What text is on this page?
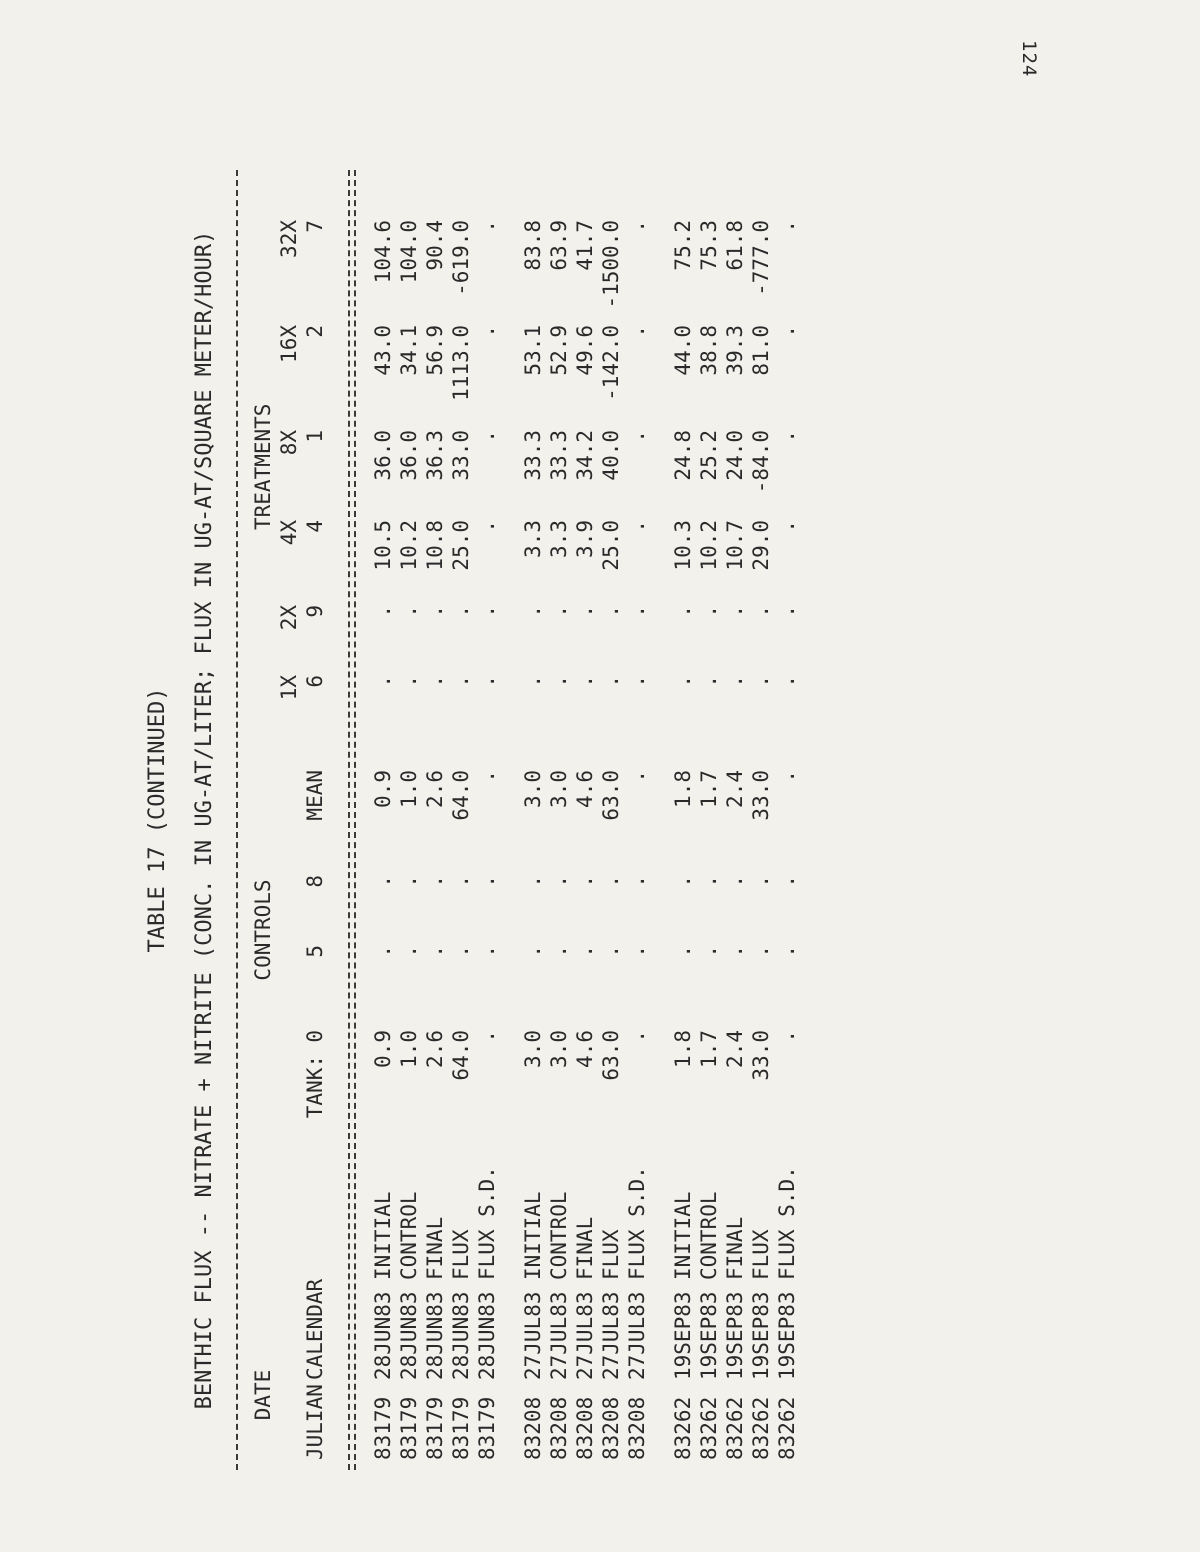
124
TABLE 17 (CONTINUED) BENTHIC FLUX -- NITRATE + NITRITE (CONC. IN UG-AT/LITER; FLUX IN UG-AT/SQUARE METER/HOUR) DATE
CONTROLS
TREATMENTS
1X
2X
4X
8X
16X
32X
JULIAN
CALENDAR
TANK:
0
5
8
MEAN
6
9
4
1
2
7
83179
28JUN83
INITIAL
0.9
.
.
0.9
.
.
10.5
36.0
43.0
104.6
83179
28JUN83
CONTROL
1.0
.
.
1.0
.
.
10.2
36.0
34.1
104.0
83179
28JUN83
FINAL
2.6
.
.
2.6
.
.
10.8
36.3
56.9
90.4
83179
28JUN83
FLUX
64.0
.
.
64.0
.
.
25.0
33.0
1113.0
-619.0
83179
28JUN83
FLUX S.D.
.
.
.
.
.
.
.
.
.
.
83208
27JUL83
INITIAL
3.0
.
.
3.0
.
.
3.3
33.3
53.1
83.8
83208
27JUL83
CONTROL
3.0
.
.
3.0
.
.
3.3
33.3
52.9
63.9
83208
27JUL83
FINAL
4.6
.
.
4.6
.
.
3.9
34.2
49.6
41.7
83208
27JUL83
FLUX
63.0
.
.
63.0
.
.
25.0
40.0
-142.0
-1500.0
83208
27JUL83
FLUX S.D.
.
.
.
.
.
.
.
.
.
.
83262
19SEP83
INITIAL
1.8
.
.
1.8
.
.
10.3
24.8
44.0
75.2
83262
19SEP83
CONTROL
1.7
.
.
1.7
.
.
10.2
25.2
38.8
75.3
83262
19SEP83
FINAL
2.4
.
.
2.4
.
.
10.7
24.0
39.3
61.8
83262
19SEP83
FLUX
33.0
.
.
33.0
.
.
29.0
-84.0
81.0
-777.0
83262
19SEP83
FLUX S.D.
.
.
.
.
.
.
.
.
.
.
